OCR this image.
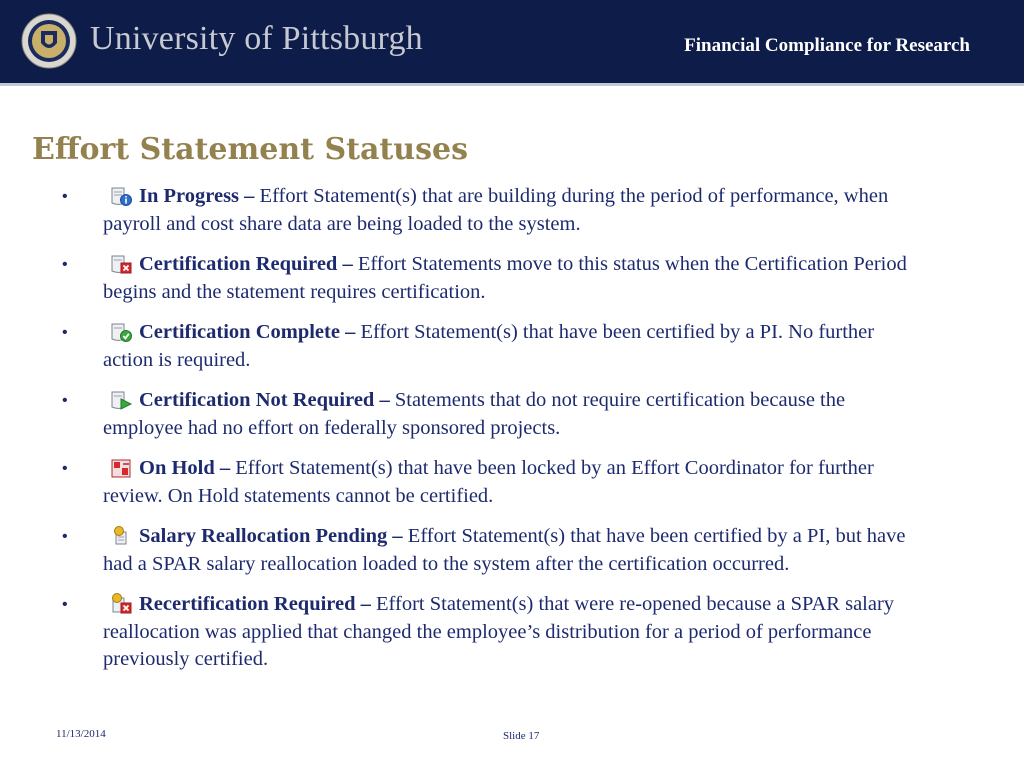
University of Pittsburgh	Financial Compliance for Research
Effort Statement Statuses
•	In Progress – Effort Statement(s) that are building during the period of performance, when payroll and cost share data are being loaded to the system.
•	Certification Required – Effort Statements move to this status when the Certification Period begins and the statement requires certification.
•	Certification Complete – Effort Statement(s) that have been certified by a PI. No further action is required.
•	Certification Not Required – Statements that do not require certification because the employee had no effort on federally sponsored projects.
•	On Hold – Effort Statement(s) that have been locked by an Effort Coordinator for further review. On Hold statements cannot be certified.
•	Salary Reallocation Pending – Effort Statement(s) that have been certified by a PI, but have had a SPAR salary reallocation loaded to the system after the certification occurred.
•	Recertification Required – Effort Statement(s) that were re-opened because a SPAR salary reallocation was applied that changed the employee’s distribution for a period of performance previously certified.
11/13/2014	Slide 17
